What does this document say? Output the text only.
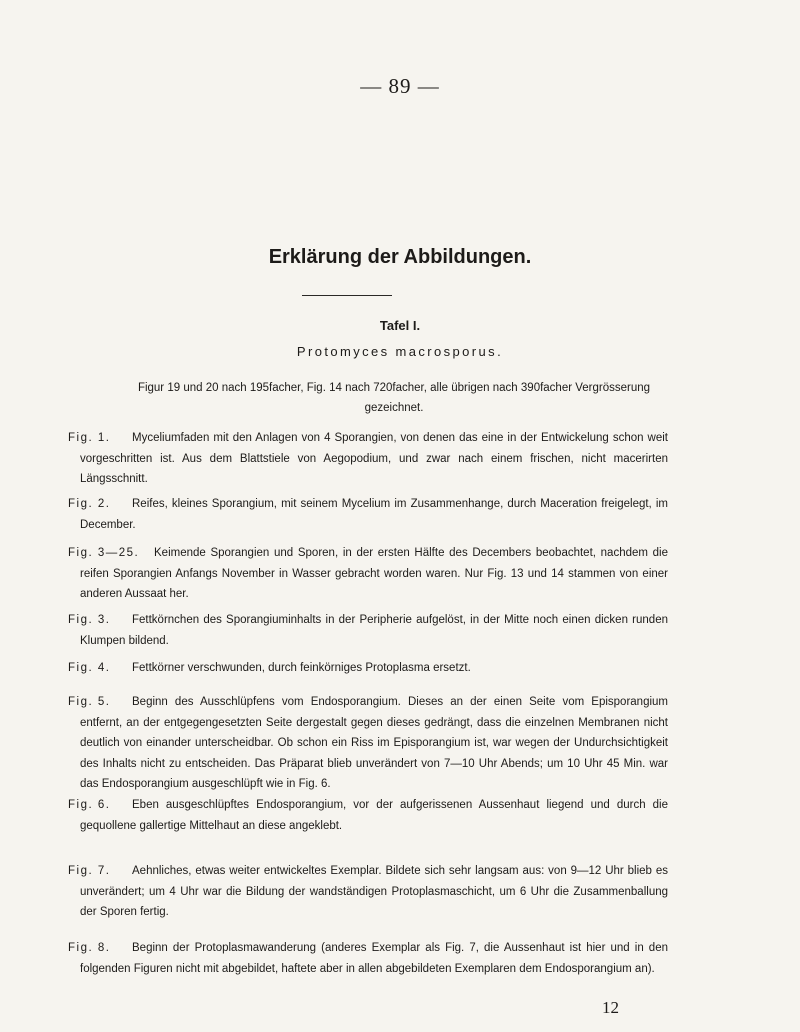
— 89 —
Erklärung der Abbildungen.
Tafel I.
Protomyces macrosporus.
Figur 19 und 20 nach 195facher, Fig. 14 nach 720facher, alle übrigen nach 390facher Vergrösserung gezeichnet.
Fig. 1.	Myceliumfaden mit den Anlagen von 4 Sporangien, von denen das eine in der Entwickelung schon weit vorgeschritten ist. Aus dem Blattstiele von Aegopodium, und zwar nach einem frischen, nicht macerirten Längsschnitt.
Fig. 2.	Reifes, kleines Sporangium, mit seinem Mycelium im Zusammenhange, durch Maceration freigelegt, im December.
Fig. 3—25.	Keimende Sporangien und Sporen, in der ersten Hälfte des Decembers beobachtet, nachdem die reifen Sporangien Anfangs November in Wasser gebracht worden waren. Nur Fig. 13 und 14 stammen von einer anderen Aussaat her.
Fig. 3.	Fettkörnchen des Sporangiuminhalts in der Peripherie aufgelöst, in der Mitte noch einen dicken runden Klumpen bildend.
Fig. 4.	Fettkörner verschwunden, durch feinkörniges Protoplasma ersetzt.
Fig. 5.	Beginn des Ausschlüpfens vom Endosporangium. Dieses an der einen Seite vom Episporangium entfernt, an der entgegengesetzten Seite dergestalt gegen dieses gedrängt, dass die einzelnen Membranen nicht deutlich von einander unterscheidbar. Ob schon ein Riss im Episporangium ist, war wegen der Undurchsichtigkeit des Inhalts nicht zu entscheiden. Das Präparat blieb unverändert von 7—10 Uhr Abends; um 10 Uhr 45 Min. war das Endosporangium ausgeschlüpft wie in Fig. 6.
Fig. 6.	Eben ausgeschlüpftes Endosporangium, vor der aufgerissenen Aussenhaut liegend und durch die gequollene gallertige Mittelhaut an diese angeklebt.
Fig. 7.	Aehnliches, etwas weiter entwickeltes Exemplar. Bildete sich sehr langsam aus: von 9—12 Uhr blieb es unverändert; um 4 Uhr war die Bildung der wandständigen Protoplasmaschicht, um 6 Uhr die Zusammenballung der Sporen fertig.
Fig. 8.	Beginn der Protoplasmawanderung (anderes Exemplar als Fig. 7, die Aussenhaut ist hier und in den folgenden Figuren nicht mit abgebildet, haftete aber in allen abgebildeten Exemplaren dem Endosporangium an).
12
